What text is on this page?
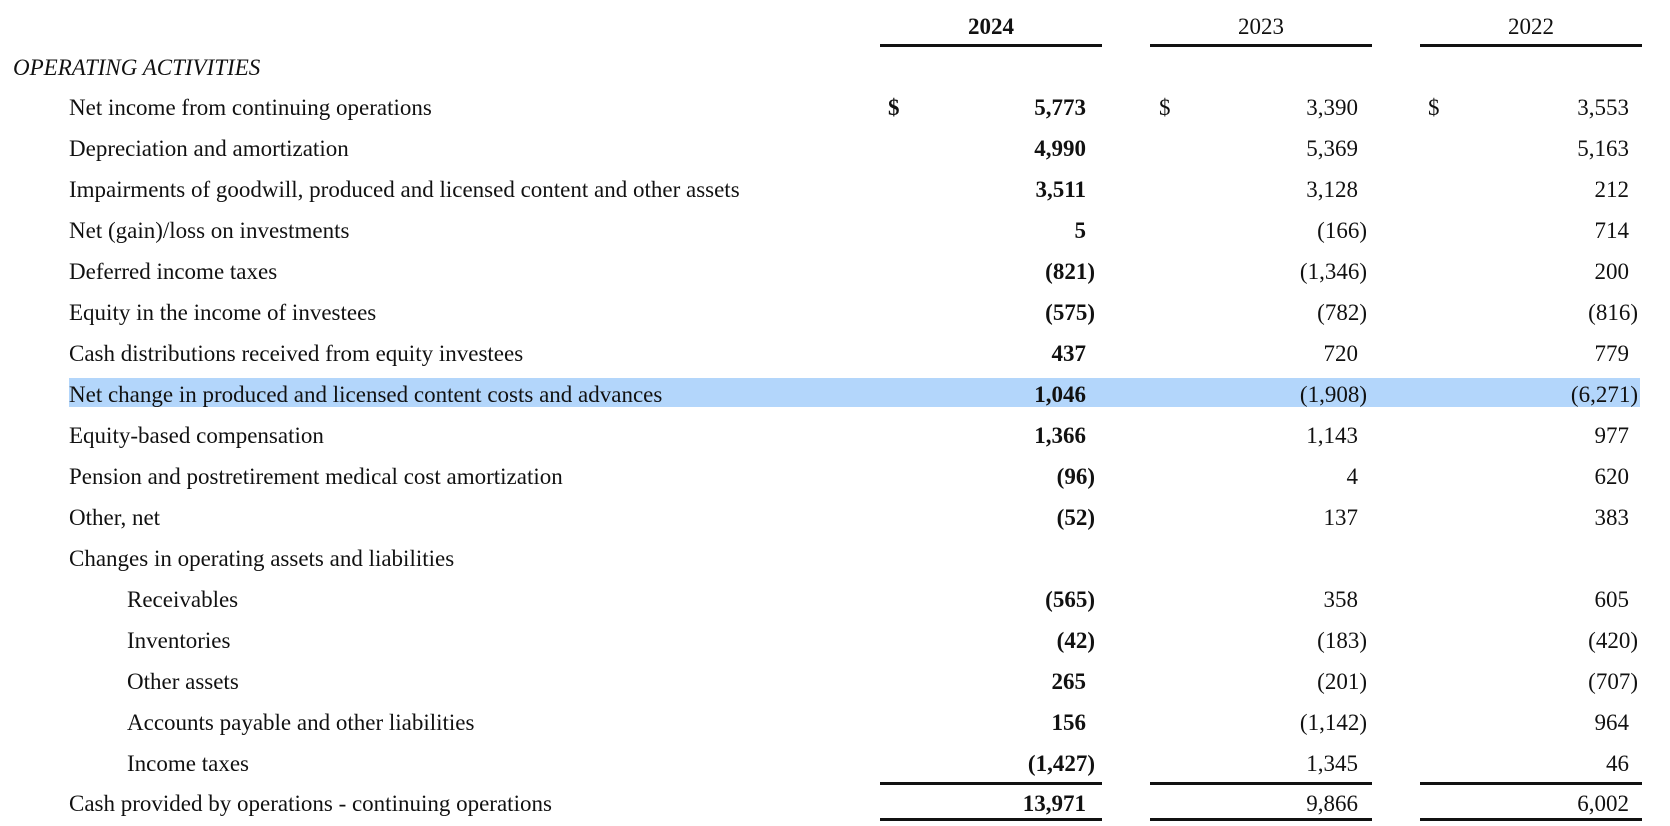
2024	2023	2022
OPERATING ACTIVITIES
Net income from continuing operations	$	5,773	$	3,390	$	3,553
Depreciation and amortization	4,990	5,369	5,163
Impairments of goodwill, produced and licensed content and other assets	3,511	3,128	212
Net (gain)/loss on investments	5	(166)	714
Deferred income taxes	(821)	(1,346)	200
Equity in the income of investees	(575)	(782)	(816)
Cash distributions received from equity investees	437	720	779
Net change in produced and licensed content costs and advances	1,046	(1,908)	(6,271)
Equity-based compensation	1,366	1,143	977
Pension and postretirement medical cost amortization	(96)	4	620
Other, net	(52)	137	383
Changes in operating assets and liabilities
Receivables	(565)	358	605
Inventories	(42)	(183)	(420)
Other assets	265	(201)	(707)
Accounts payable and other liabilities	156	(1,142)	964
Income taxes	(1,427)	1,345	46
Cash provided by operations - continuing operations	13,971	9,866	6,002
